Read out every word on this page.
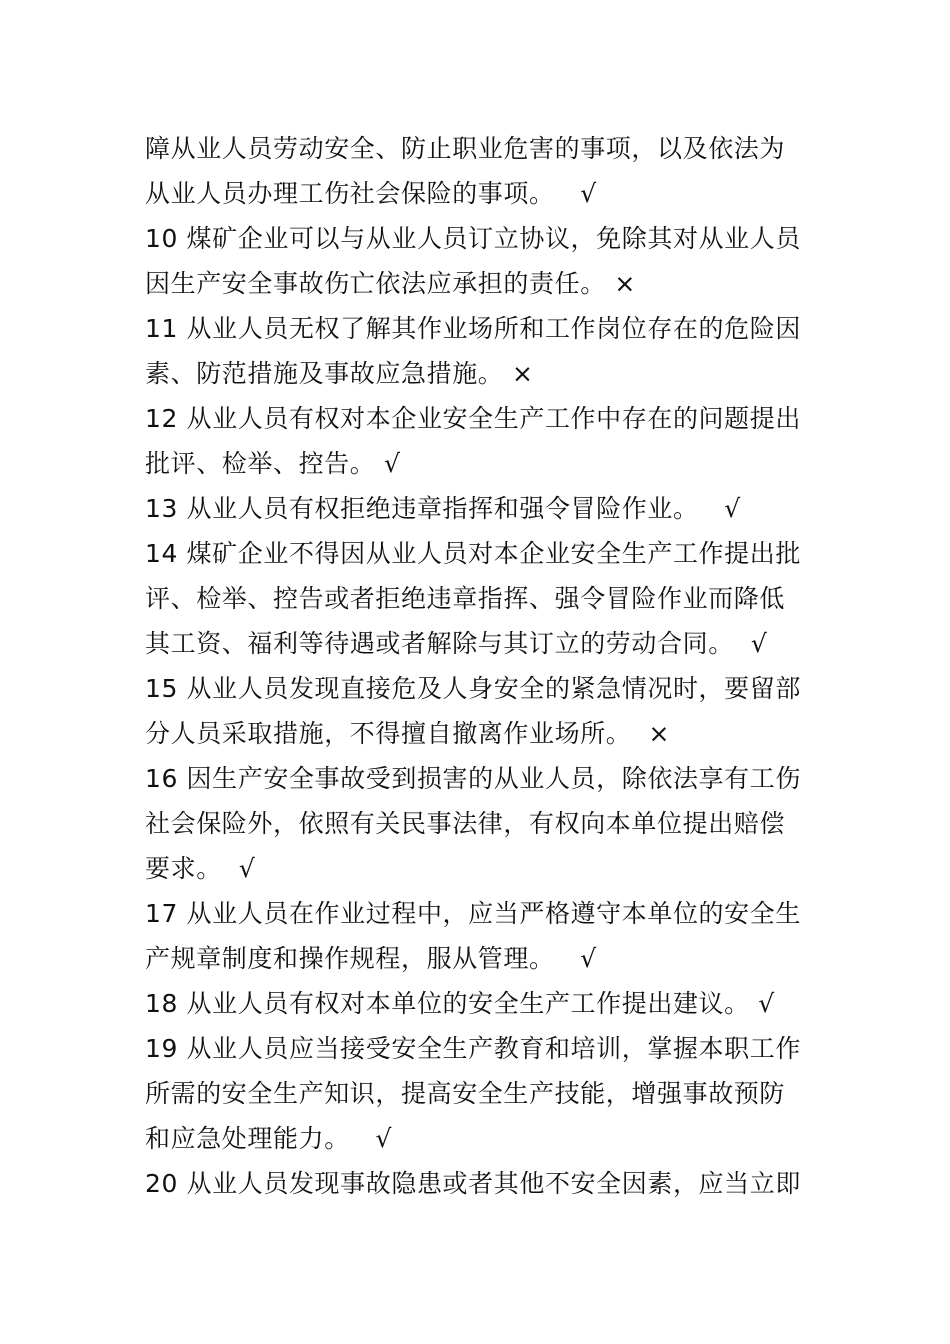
障从业人员劳动安全、防止职业危害的事项，以及依法为
从业人员办理工伤社会保险的事项。   √
10 煤矿企业可以与从业人员订立协议，免除其对从业人员
因生产安全事故伤亡依法应承担的责任。 ×
11 从业人员无权了解其作业场所和工作岗位存在的危险因
素、防范措施及事故应急措施。 ×
12 从业人员有权对本企业安全生产工作中存在的问题提出
批评、检举、控告。 √
13 从业人员有权拒绝违章指挥和强令冒险作业。   √
14 煤矿企业不得因从业人员对本企业安全生产工作提出批
评、检举、控告或者拒绝违章指挥、强令冒险作业而降低
其工资、福利等待遇或者解除与其订立的劳动合同。  √
15 从业人员发现直接危及人身安全的紧急情况时，要留部
分人员采取措施，不得擅自撤离作业场所。  ×
16 因生产安全事故受到损害的从业人员，除依法享有工伤
社会保险外，依照有关民事法律，有权向本单位提出赔偿
要求。  √
17 从业人员在作业过程中，应当严格遵守本单位的安全生
产规章制度和操作规程，服从管理。   √
18 从业人员有权对本单位的安全生产工作提出建议。 √
19 从业人员应当接受安全生产教育和培训，掌握本职工作
所需的安全生产知识，提高安全生产技能，增强事故预防
和应急处理能力。   √
20 从业人员发现事故隐患或者其他不安全因素，应当立即
